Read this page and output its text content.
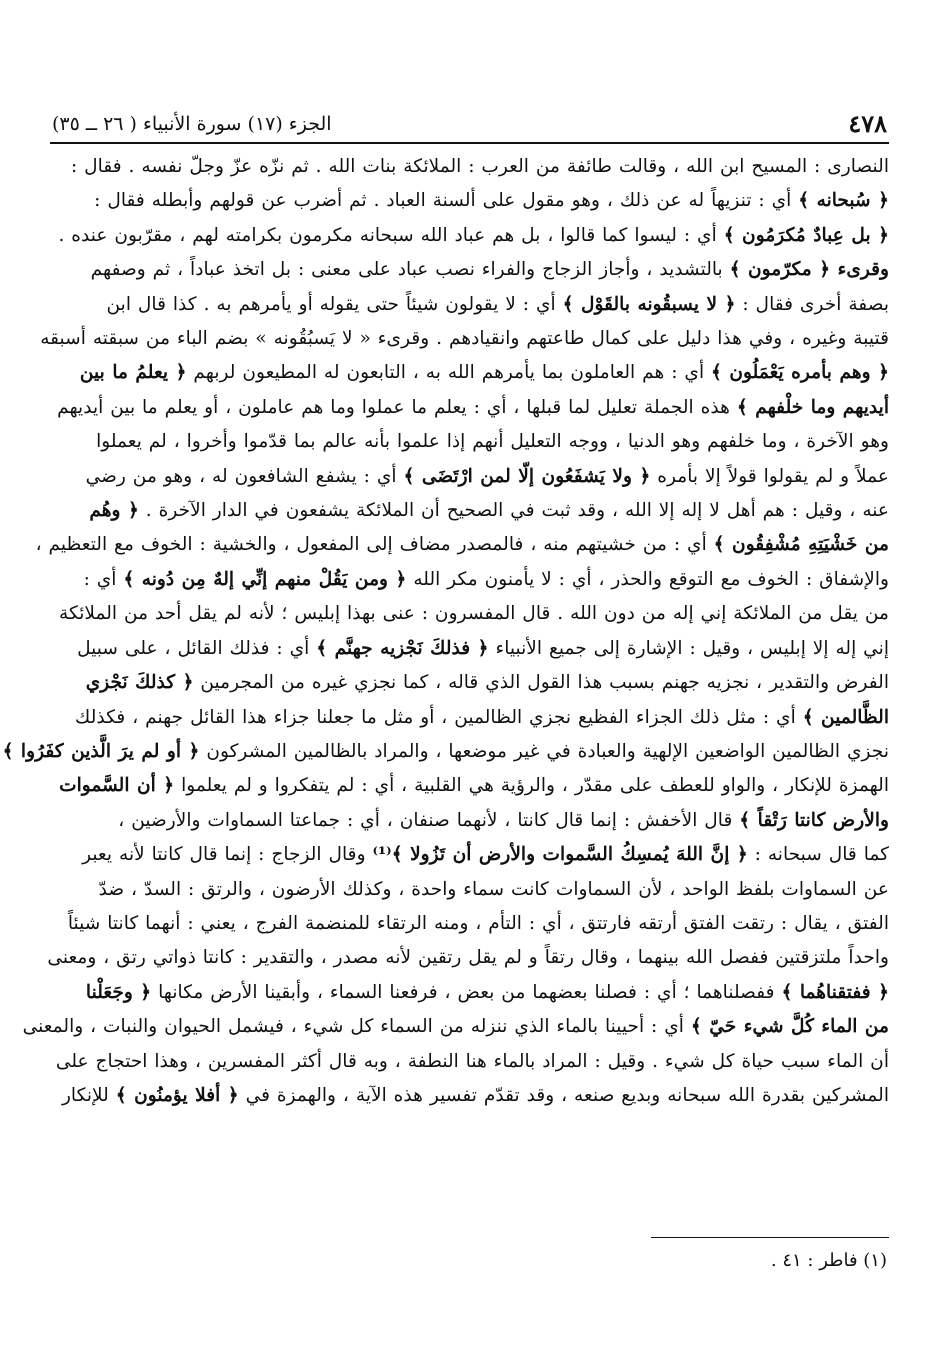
٤٧٨
الجزء (١٧) سورة الأنبياء ( ٢٦ ــ ٣٥)
النصارى : المسيح ابن الله ، وقالت طائفة من العرب : الملائكة بنات الله . ثم نزّه عزّ وجلّ نفسه . فقال :
﴿ سُبحانه ﴾ أي : تنزيهاً له عن ذلك ، وهو مقول على ألسنة العباد . ثم أضرب عن قولهم وأبطله فقال :
﴿ بل عِبادٌ مُكرَمُون ﴾ أي : ليسوا كما قالوا ، بل هم عباد الله سبحانه مكرمون بكرامته لهم ، مقرّبون عنده .
وقرىء ﴿ مكرّمون ﴾ بالتشديد ، وأجاز الزجاج والفراء نصب عباد على معنى : بل اتخذ عباداً ، ثم وصفهم
بصفة أخرى فقال : ﴿ لا يسبقُونه بالقَوْل ﴾ أي : لا يقولون شيئاً حتى يقوله أو يأمرهم به . كذا قال ابن
قتيبة وغيره ، وفي هذا دليل على كمال طاعتهم وانقيادهم . وقرىء « لا يَسبُقُونه » بضم الباء من سبقته أسبقه
﴿ وهم بأمره يَعْمَلُون ﴾ أي : هم العاملون بما يأمرهم الله به ، التابعون له المطيعون لربهم ﴿ يعلمُ ما بين
أيديهم وما خلْفهم ﴾ هذه الجملة تعليل لما قبلها ، أي : يعلم ما عملوا وما هم عاملون ، أو يعلم ما بين أيديهم
وهو الآخرة ، وما خلفهم وهو الدنيا ، ووجه التعليل أنهم إذا علموا بأنه عالم بما قدّموا وأخروا ، لم يعملوا
عملاً و لم يقولوا قولاً إلا بأمره ﴿ ولا يَشفَعُون إلّا لمن ارْتَضَى ﴾ أي : يشفع الشافعون له ، وهو من رضي
عنه ، وقيل : هم أهل لا إله إلا الله ، وقد ثبت في الصحيح أن الملائكة يشفعون في الدار الآخرة . ﴿ وهُم
من خَشْيَتِهِ مُشْفِقُون ﴾ أي : من خشيتهم منه ، فالمصدر مضاف إلى المفعول ، والخشية : الخوف مع التعظيم ،
والإشفاق : الخوف مع التوقع والحذر ، أي : لا يأمنون مكر الله ﴿ ومن يَقُلْ منهم إنِّي إلهٌ مِن دُونه ﴾ أي :
من يقل من الملائكة إني إله من دون الله . قال المفسرون : عنى بهذا إبليس ؛ لأنه لم يقل أحد من الملائكة
إني إله إلا إبليس ، وقيل : الإشارة إلى جميع الأنبياء ﴿ فذلكَ نَجْزيه جهنَّم ﴾ أي : فذلك القائل ، على سبيل
الفرض والتقدير ، نجزيه جهنم بسبب هذا القول الذي قاله ، كما نجزي غيره من المجرمين ﴿ كذلكَ نَجْزي
الظَّالمين ﴾ أي : مثل ذلك الجزاء الفظيع نجزي الظالمين ، أو مثل ما جعلنا جزاء هذا القائل جهنم ، فكذلك
نجزي الظالمين الواضعين الإلهية والعبادة في غير موضعها ، والمراد بالظالمين المشركون ﴿ أو لم يرَ الَّذين كفَرُوا ﴾
الهمزة للإنكار ، والواو للعطف على مقدّر ، والرؤية هي القلبية ، أي : لم يتفكروا و لم يعلموا ﴿ أن السَّموات
والأرض كانتا رَتْقاً ﴾ قال الأخفش : إنما قال كانتا ، لأنهما صنفان ، أي : جماعتا السماوات والأرضين ،
كما قال سبحانه : ﴿ إنَّ اللهَ يُمسِكُ السَّموات والأرض أن تَزُولا ﴾⁽¹⁾ وقال الزجاج : إنما قال كانتا لأنه يعبر
عن السماوات بلفظ الواحد ، لأن السماوات كانت سماء واحدة ، وكذلك الأرضون ، والرتق : السدّ ، ضدّ
الفتق ، يقال : رتقت الفتق أرتقه فارتتق ، أي : التأم ، ومنه الرتقاء للمنضمة الفرج ، يعني : أنهما كانتا شيئاً
واحداً ملتزقتين ففصل الله بينهما ، وقال رتقاً و لم يقل رتقين لأنه مصدر ، والتقدير : كانتا ذواتي رتق ، ومعنى
﴿ ففتقناهُما ﴾ ففصلناهما ؛ أي : فصلنا بعضهما من بعض ، فرفعنا السماء ، وأبقينا الأرض مكانها ﴿ وجَعَلْنا
من الماء كُلَّ شيء حَيّ ﴾ أي : أحيينا بالماء الذي ننزله من السماء كل شيء ، فيشمل الحيوان والنبات ، والمعنى
أن الماء سبب حياة كل شيء . وقيل : المراد بالماء هنا النطفة ، وبه قال أكثر المفسرين ، وهذا احتجاج على
المشركين بقدرة الله سبحانه وبديع صنعه ، وقد تقدّم تفسير هذه الآية ، والهمزة في ﴿ أفلا يؤمنُون ﴾ للإنكار
(١) فاطر : ٤١ .
